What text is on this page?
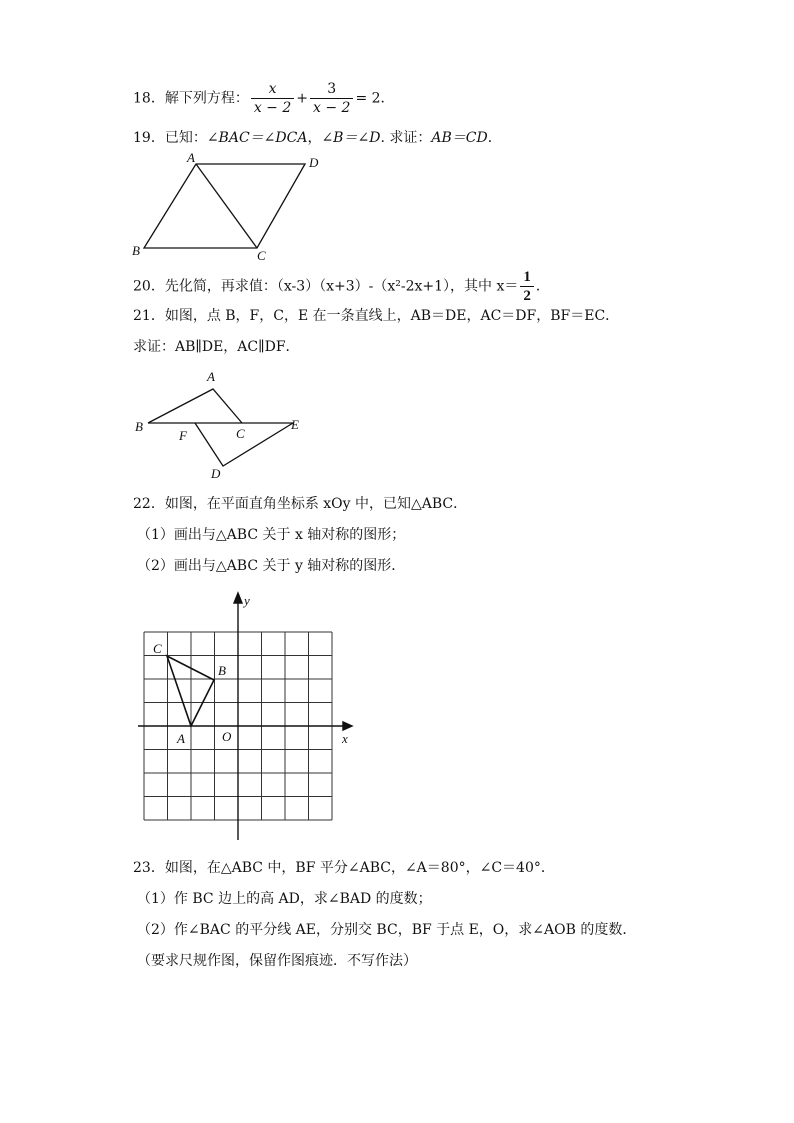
18．解下列方程： $\frac{x}{x - 2} + \frac{3}{x - 2} = 2$．
19．已知：∠BAC＝∠DCA，∠B＝∠D. 求证：AB＝CD．
A	D
B	C
20．先化简，再求值：（x-3）（x+3）-（x²-2x+1），其中 $x= \frac{1}{2}$ ．
21．如图，点 B，F，C，E 在一条直线上，AB＝DE，AC＝DF，BF＝EC．
求证：AB∥DE，AC∥DF．
A
B
F	C
E
D
22．如图，在平面直角坐标系 xOy 中，已知△ABC．
（1）画出与△ABC 关于 x 轴对称的图形；
（2）画出与△ABC 关于 y 轴对称的图形．
y
x
C
B
A	O
23．如图，在△ABC 中，BF 平分∠ABC，∠A＝80°，∠C＝40°．
（1）作 BC 边上的高 AD，求∠BAD 的度数；
（2）作∠BAC 的平分线 AE，分别交 BC，BF 于点 E，O，求∠AOB 的度数．
（要求尺规作图，保留作图痕迹．不写作法）
